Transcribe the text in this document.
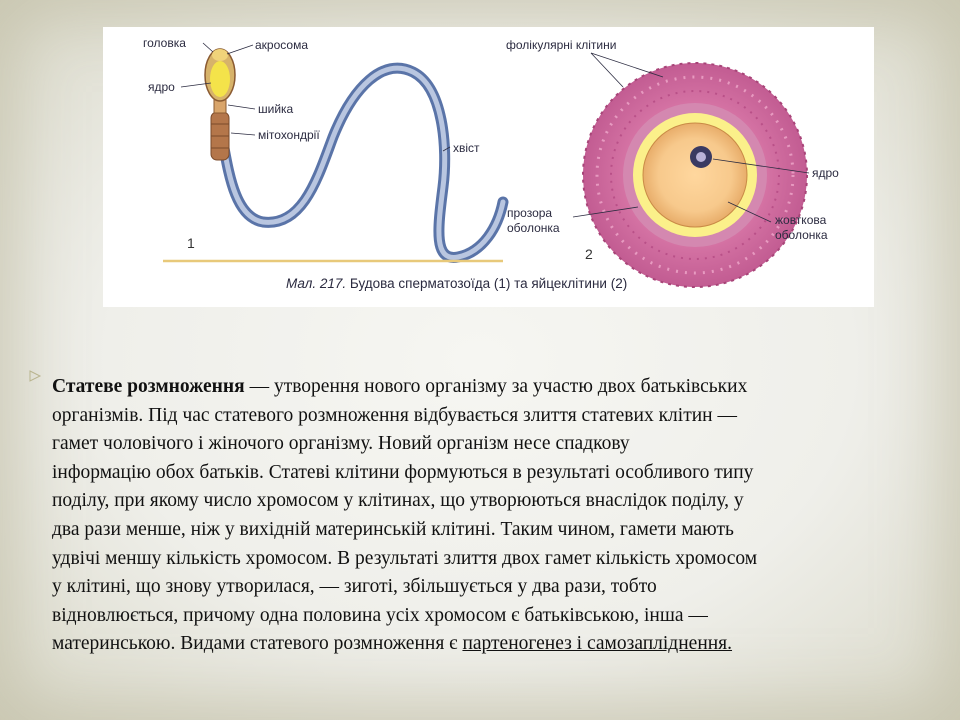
головка	акросома
ядро
шийка
мітохондрії
хвіст
1
фолікулярні клітини
ядро
прозора
оболонка
жовткова
оболонка
2
Мал. 217. Будова сперматозоїда (1) та яйцеклітини (2)
Статеве розмноження — утворення нового організму за участю двох батьківських
організмів. Під час статевого розмноження відбувається злиття статевих клітин —
гамет чоловічого і жіночого організму. Новий організм несе спадкову
інформацію обох батьків. Статеві клітини формуються в результаті особливого типу
поділу, при якому число хромосом у клітинах, що утворюються внаслідок поділу, у
два рази менше, ніж у вихідній материнській клітині. Таким чином, гамети мають
удвічі меншу кількість хромосом. В результаті злиття двох гамет кількість хромосом
у клітині, що знову утворилася, — зиготі, збільшується у два рази, тобто
відновлюється, причому одна половина усіх хромосом є батьківською, інша —
материнською. Видами статевого розмноження є партеногенез і самозапліднення.
